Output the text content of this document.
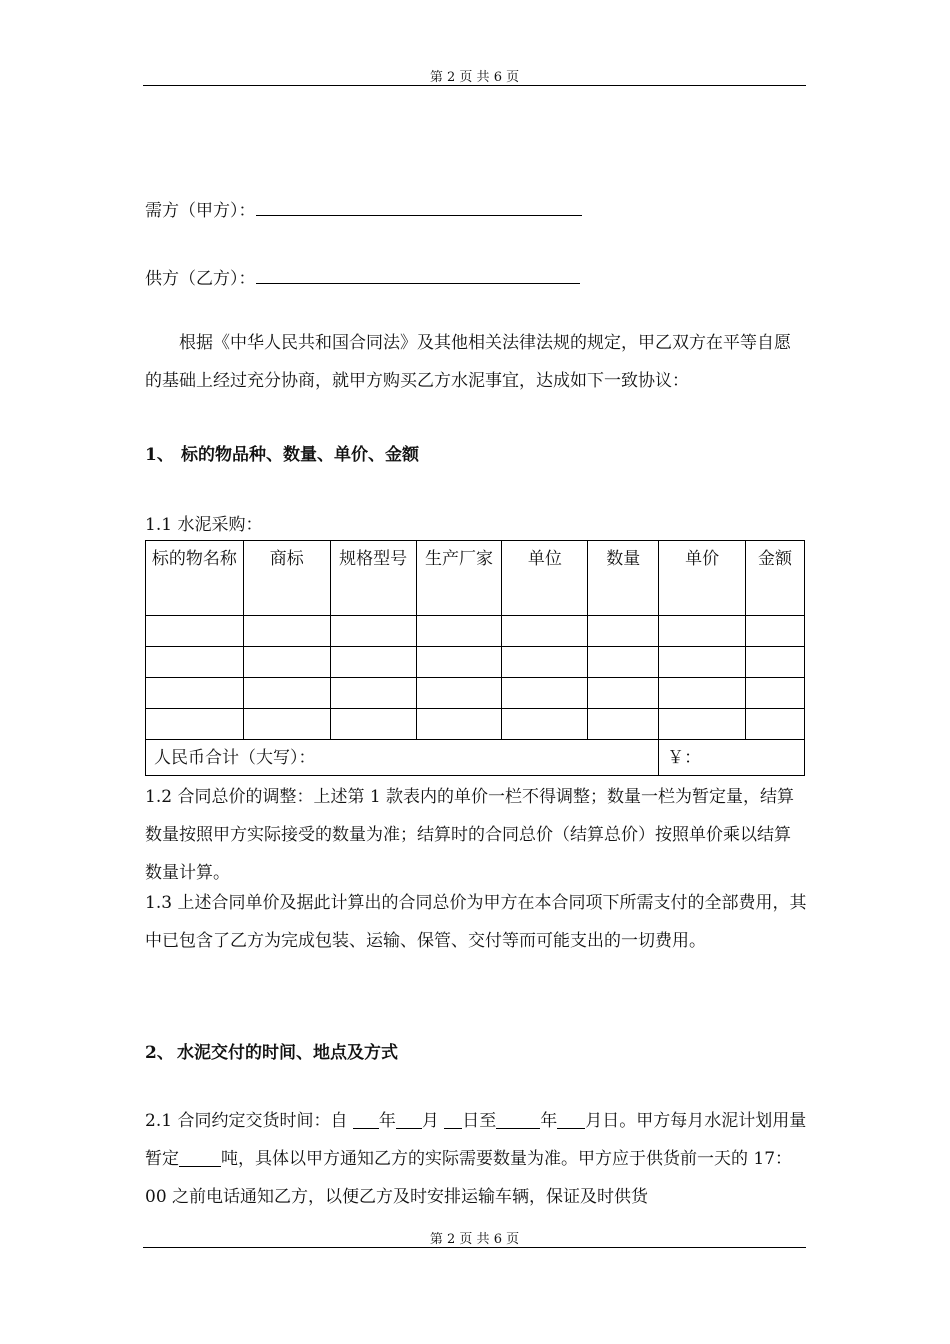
第 2 页 共 6 页
需方（甲方）：
供方（乙方）：
根据《中华人民共和国合同法》及其他相关法律法规的规定，甲乙双方在平等自愿的基础上经过充分协商，就甲方购买乙方水泥事宜，达成如下一致协议：
1、 标的物品种、数量、单价、金额
1.1 水泥采购：
标的物名称	商标	规格型号	生产厂家	单位	数量	单价	金额

人民币合计（大写）：						￥：	
1.2 合同总价的调整：上述第 1 款表内的单价一栏不得调整；数量一栏为暂定量，结算数量按照甲方实际接受的数量为准；结算时的合同总价（结算总价）按照单价乘以结算数量计算。
1.3 上述合同单价及据此计算出的合同总价为甲方在本合同项下所需支付的全部费用，其中已包含了乙方为完成包装、运输、保管、交付等而可能支出的一切费用。
2、 水泥交付的时间、地点及方式
2.1 合同约定交货时间：自 年 月 日至	年 月日。甲方每月水泥计划用量暂定 吨，具体以甲方通知乙方的实际需要数量为准。甲方应于供货前一天的 17：00 之前电话通知乙方，以便乙方及时安排运输车辆，保证及时供货
第 2 页 共 6 页
